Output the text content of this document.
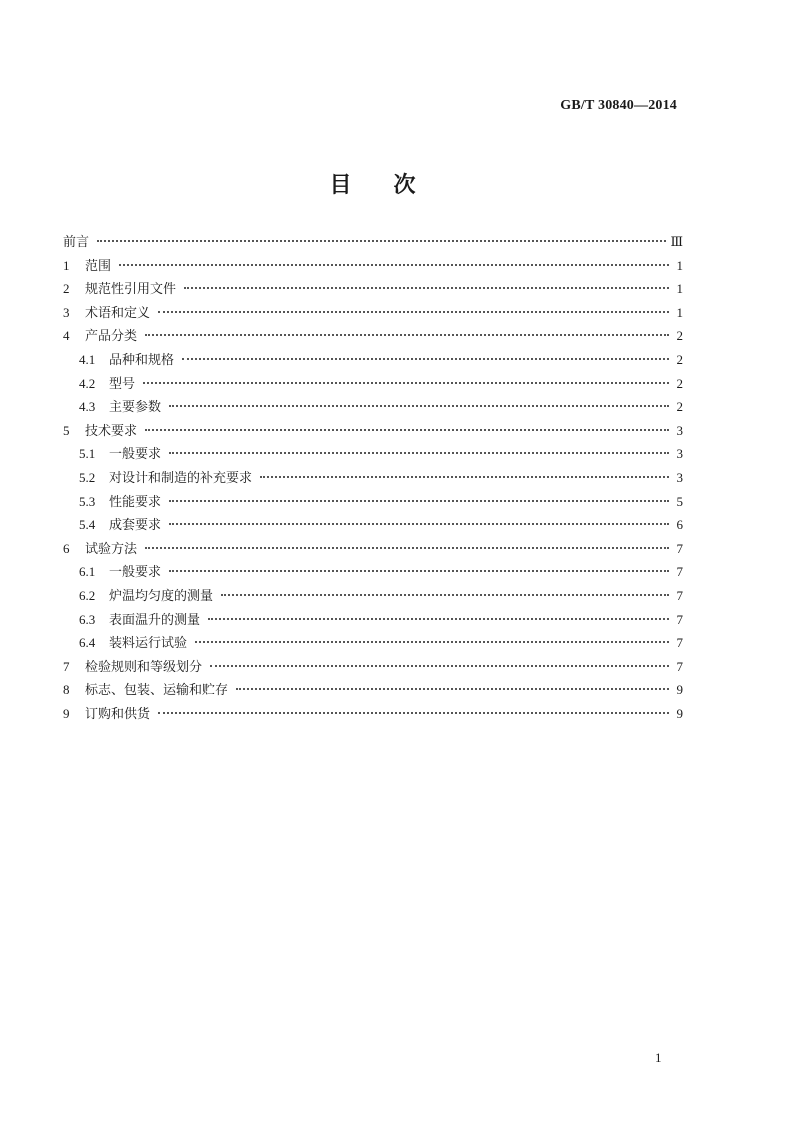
GB/T 30840—2014
目次
前言	Ⅲ
1	范围	1
2	规范性引用文件	1
3	术语和定义	1
4	产品分类	2
4.1	品种和规格	2
4.2	型号	2
4.3	主要参数	2
5	技术要求	3
5.1	一般要求	3
5.2	对设计和制造的补充要求	3
5.3	性能要求	5
5.4	成套要求	6
6	试验方法	7
6.1	一般要求	7
6.2	炉温均匀度的测量	7
6.3	表面温升的测量	7
6.4	装料运行试验	7
7	检验规则和等级划分	7
8	标志、包装、运输和贮存	9
9	订购和供货	9
1
